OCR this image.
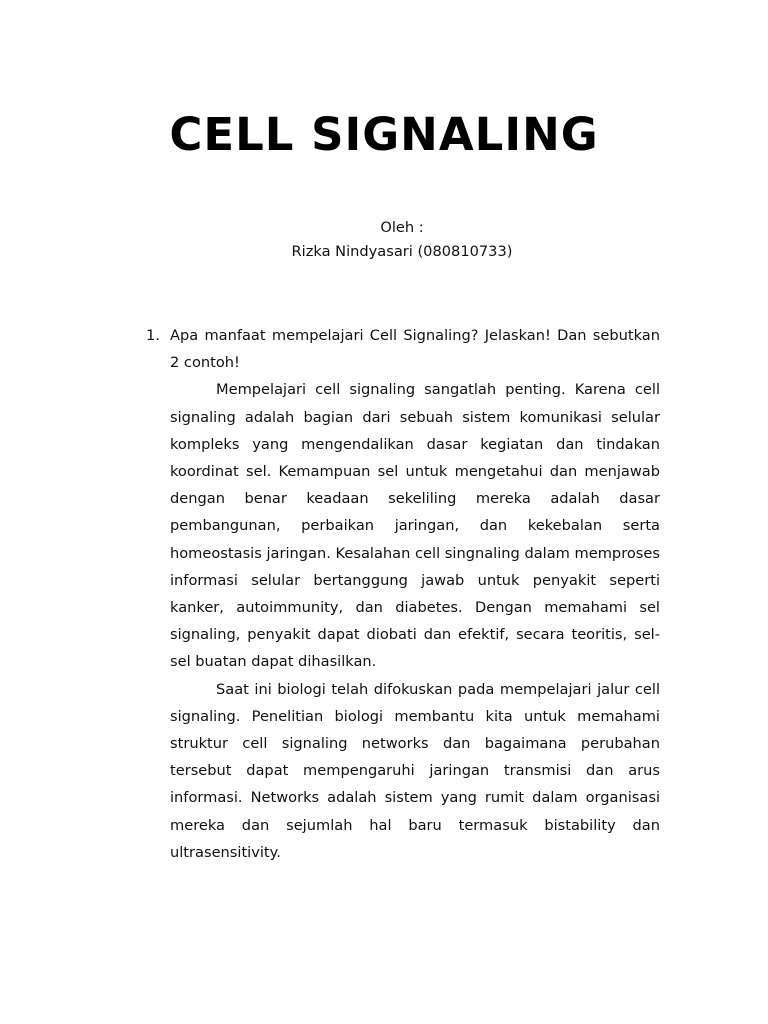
CELL SIGNALING
Oleh :
Rizka Nindyasari (080810733)
1. Apa manfaat mempelajari Cell Signaling? Jelaskan! Dan sebutkan 2 contoh!

Mempelajari cell signaling sangatlah penting. Karena cell signaling adalah bagian dari sebuah sistem komunikasi selular kompleks yang mengendalikan dasar kegiatan dan tindakan koordinat sel. Kemampuan sel untuk mengetahui dan menjawab dengan benar keadaan sekeliling mereka adalah dasar pembangunan, perbaikan jaringan, dan kekebalan serta homeostasis jaringan. Kesalahan cell singnaling dalam memproses informasi selular bertanggung jawab untuk penyakit seperti kanker, autoimmunity, dan diabetes. Dengan memahami sel signaling, penyakit dapat diobati dan efektif, secara teoritis, sel-sel buatan dapat dihasilkan.

Saat ini biologi telah difokuskan pada mempelajari jalur cell signaling. Penelitian biologi membantu kita untuk memahami struktur cell signaling networks dan bagaimana perubahan tersebut dapat mempengaruhi jaringan transmisi dan arus informasi. Networks adalah sistem yang rumit dalam organisasi mereka dan sejumlah hal baru termasuk bistability dan ultrasensitivity.
